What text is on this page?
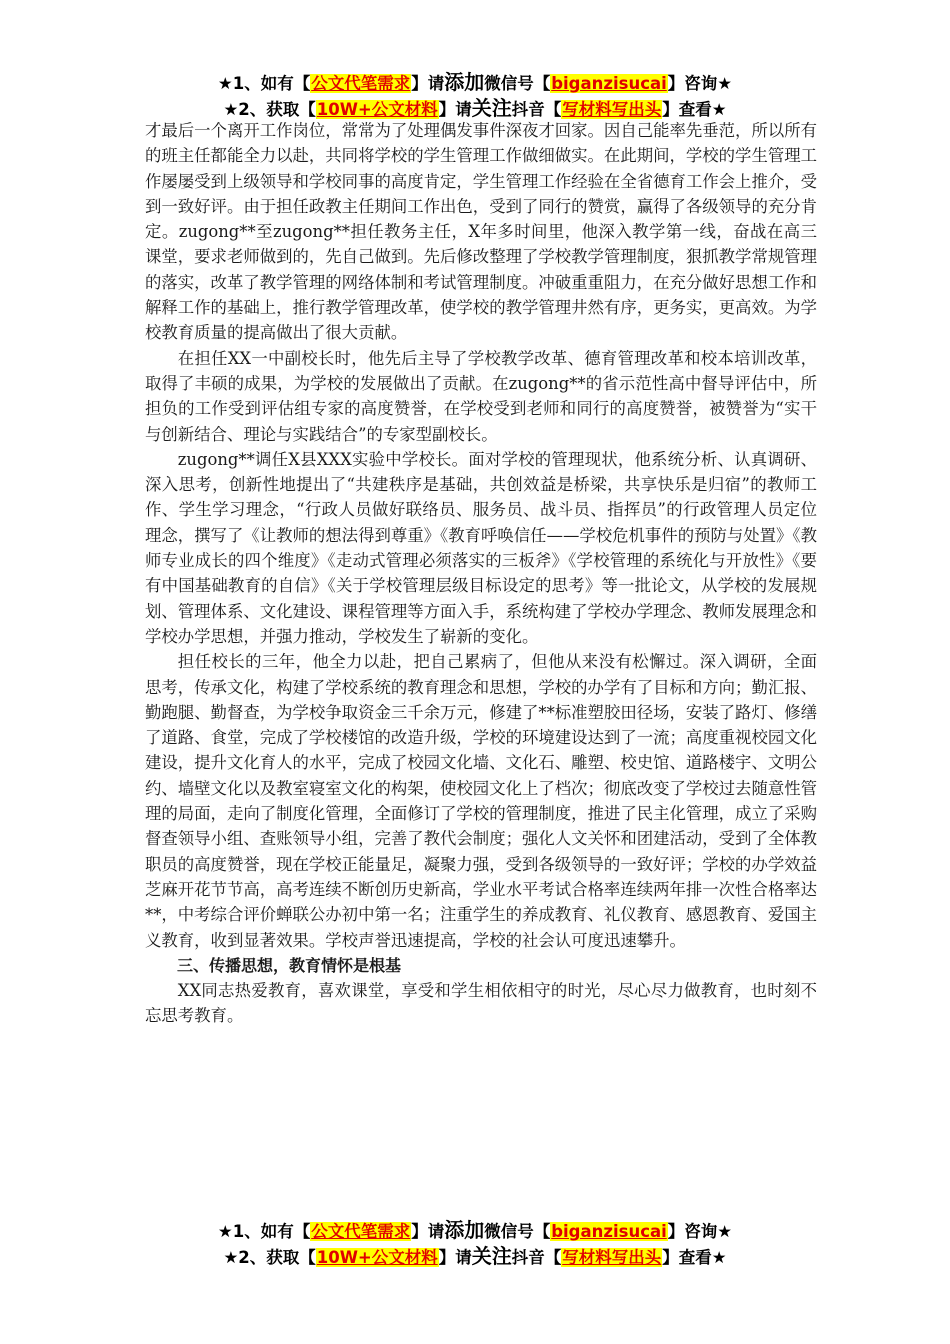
★1、如有【公文代笔需求】请添加微信号【biganzisucai】咨询★
★2、获取【10W+公文材料】请关注抖音【写材料写出头】查看★

才最后一个离开工作岗位，常常为了处理偶发事件深夜才回家。因自己能率先垂范，所以所有的班主任都能全力以赴，共同将学校的学生管理工作做细做实。在此期间，学校的学生管理工作屡屡受到上级领导和学校同事的高度肯定，学生管理工作经验在全省德育工作会上推介，受到一致好评。由于担任政教主任期间工作出色，受到了同行的赞赏，赢得了各级领导的充分肯定。zugong**至zugong**担任教务主任，X年多时间里，他深入教学第一线，奋战在高三课堂，要求老师做到的，先自己做到。先后修改整理了学校教学管理制度，狠抓教学常规管理的落实，改革了教学管理的网络体制和考试管理制度。冲破重重阻力，在充分做好思想工作和解释工作的基础上，推行教学管理改革，使学校的教学管理井然有序，更务实，更高效。为学校教育质量的提高做出了很大贡献。

在担任XX一中副校长时，他先后主导了学校教学改革、德育管理改革和校本培训改革，取得了丰硕的成果，为学校的发展做出了贡献。在zugong**的省示范性高中督导评估中，所担负的工作受到评估组专家的高度赞誉，在学校受到老师和同行的高度赞誉，被赞誉为“实干与创新结合、理论与实践结合”的专家型副校长。

zugong**调任X县XXX实验中学校长。面对学校的管理现状，他系统分析、认真调研、深入思考，创新性地提出了“共建秩序是基础，共创效益是桥梁，共享快乐是归宿”的教师工作、学生学习理念，“行政人员做好联络员、服务员、战斗员、指挥员”的行政管理人员定位理念，撰写了《让教师的想法得到尊重》《教育呼唤信任——学校危机事件的预防与处置》《教师专业成长的四个维度》《走动式管理必须落实的三板斧》《学校管理的系统化与开放性》《要有中国基础教育的自信》《关于学校管理层级目标设定的思考》等一批论文，从学校的发展规划、管理体系、文化建设、课程管理等方面入手，系统构建了学校办学理念、教师发展理念和学校办学思想，并强力推动，学校发生了崭新的变化。

担任校长的三年，他全力以赴，把自己累病了，但他从来没有松懈过。深入调研，全面思考，传承文化，构建了学校系统的教育理念和思想，学校的办学有了目标和方向；勤汇报、勤跑腿、勤督查，为学校争取资金三千余万元，修建了**标准塑胶田径场，安装了路灯、修缮了道路、食堂，完成了学校楼馆的改造升级，学校的环境建设达到了一流；高度重视校园文化建设，提升文化育人的水平，完成了校园文化墙、文化石、雕塑、校史馆、道路楼宇、文明公约、墙壁文化以及教室寝室文化的构架，使校园文化上了档次；彻底改变了学校过去随意性管理的局面，走向了制度化管理，全面修订了学校的管理制度，推进了民主化管理，成立了采购督查领导小组、查账领导小组，完善了教代会制度；强化人文关怀和团建活动，受到了全体教职员的高度赞誉，现在学校正能量足，凝聚力强，受到各级领导的一致好评；学校的办学效益芝麻开花节节高，高考连续不断创历史新高，学业水平考试合格率连续两年排一次性合格率达**，中考综合评价蝉联公办初中第一名；注重学生的养成教育、礼仪教育、感恩教育、爱国主义教育，收到显著效果。学校声誉迅速提高，学校的社会认可度迅速攀升。

三、传播思想，教育情怀是根基

XX同志热爱教育，喜欢课堂，享受和学生相依相守的时光，尽心尽力做教育，也时刻不忘思考教育。

★1、如有【公文代笔需求】请添加微信号【biganzisucai】咨询★
★2、获取【10W+公文材料】请关注抖音【写材料写出头】查看★
